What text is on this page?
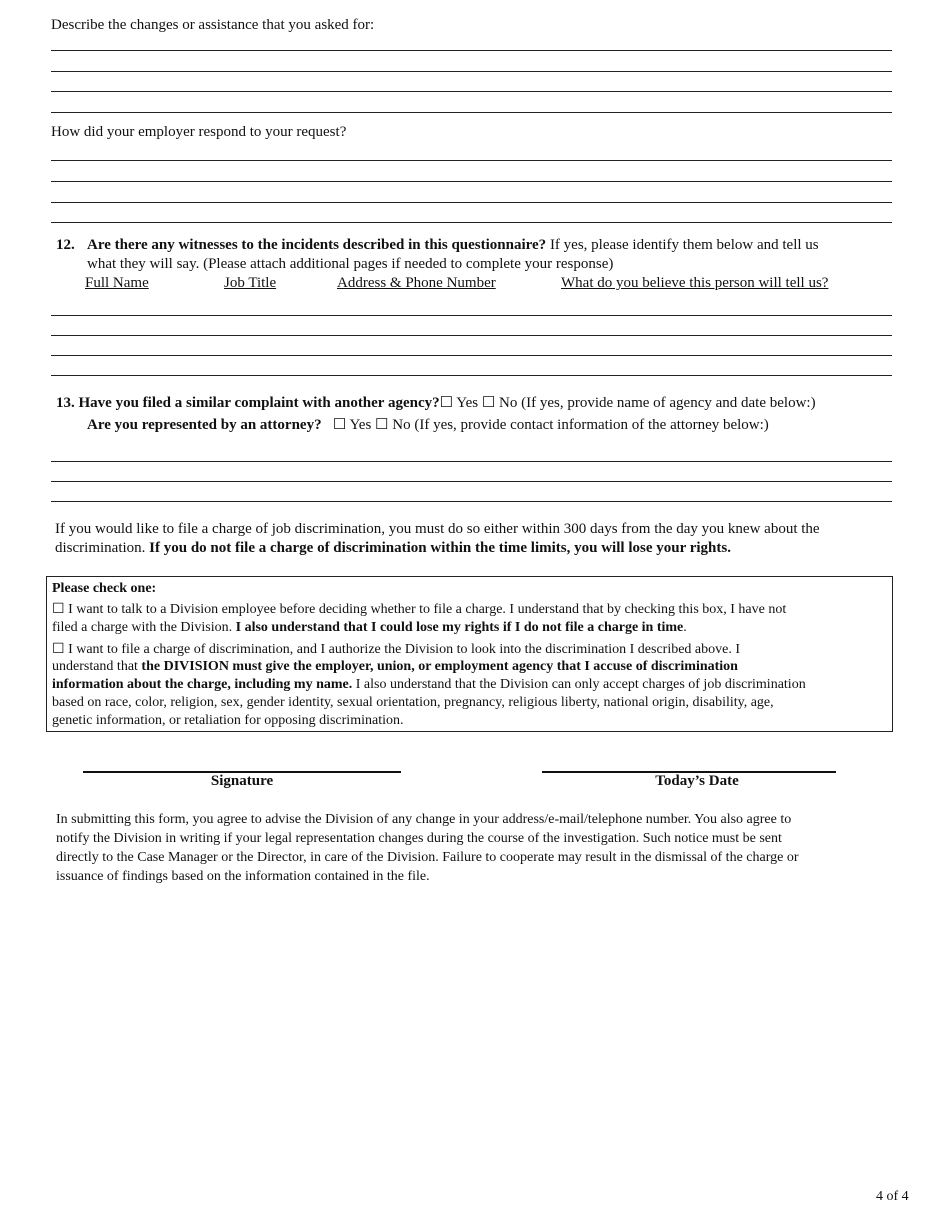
Describe the changes or assistance that you asked for:
How did your employer respond to your request?
12. Are there any witnesses to the incidents described in this questionnaire? If yes, please identify them below and tell us
what they will say. (Please attach additional pages if needed to complete your response)
Full Name	Job Title	Address & Phone Number	What do you believe this person will tell us?
13. Have you filed a similar complaint with another agency?☐ Yes ☐ No (If yes, provide name of agency and date below:)
Are you represented by an attorney? ☐ Yes ☐ No (If yes, provide contact information of the attorney below:)
If you would like to file a charge of job discrimination, you must do so either within 300 days from the day you knew about the
discrimination. If you do not file a charge of discrimination within the time limits, you will lose your rights.
Please check one:
☐ I want to talk to a Division employee before deciding whether to file a charge. I understand that by checking this box, I have not
filed a charge with the Division. I also understand that I could lose my rights if I do not file a charge in time.
☐ I want to file a charge of discrimination, and I authorize the Division to look into the discrimination I described above. I
understand that the DIVISION must give the employer, union, or employment agency that I accuse of discrimination
information about the charge, including my name. I also understand that the Division can only accept charges of job discrimination
based on race, color, religion, sex, gender identity, sexual orientation, pregnancy, religious liberty, national origin, disability, age,
genetic information, or retaliation for opposing discrimination.
Signature	Today’s Date
In submitting this form, you agree to advise the Division of any change in your address/e-mail/telephone number. You also agree to
notify the Division in writing if your legal representation changes during the course of the investigation. Such notice must be sent
directly to the Case Manager or the Director, in care of the Division. Failure to cooperate may result in the dismissal of the charge or
issuance of findings based on the information contained in the file.
4 of 4
